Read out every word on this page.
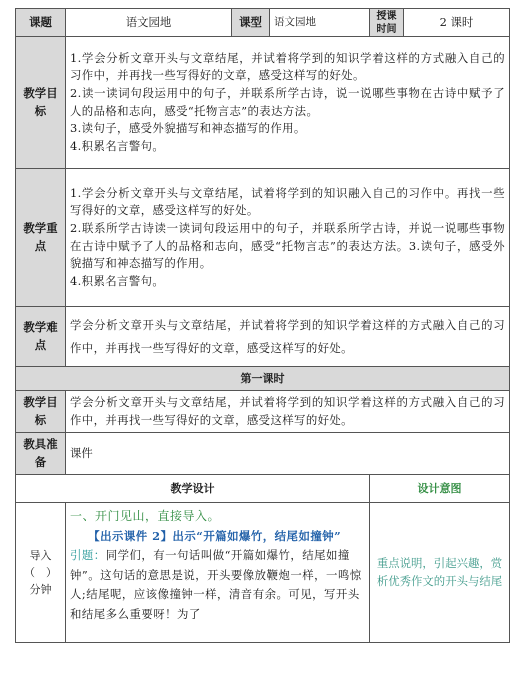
课题	语文园地	课型	语文园地	授课时间	2 课时
教学目标	1.学会分析文章开头与文章结尾，并试着将学到的知识学着这样的方式融入自己的习作中，并再找一些写得好的文章，感受这样写的好处。
2.读一读词句段运用中的句子，并联系所学古诗，说一说哪些事物在古诗中赋予了人的品格和志向，感受“托物言志”的表达方法。
3.读句子，感受外貌描写和神态描写的作用。
4.积累名言警句。				

教学重点	1.学会分析文章开头与文章结尾，试着将学到的知识融入自己的习作中。再找一些写得好的文章，感受这样写的好处。
2.联系所学古诗读一读词句段运用中的句子，并联系所学古诗，并说一说哪些事物在古诗中赋予了人的品格和志向，感受“托物言志”的表达方法。3.读句子，感受外貌描写和神态描写的作用。
4.积累名言警句。				

教学难点	学会分析文章开头与文章结尾，并试着将学到的知识学着这样的方式融入自己的习作中，并再找一些写得好的文章，感受这样写的好处。				
第一课时					
教学目标	学会分析文章开头与文章结尾，并试着将学到的知识学着这样的方式融入自己的习作中，并再找一些写得好的文章，感受这样写的好处。				
教具准备	课件				
教学设计				设计意图	

导入
（　）
分钟	一、开门见山，直接导入。
【出示课件 2】出示“开篇如爆竹，结尾如撞钟”
引题：同学们，有一句话叫做“开篇如爆竹，结尾如撞钟”。这句话的意思是说，开头要像放鞭炮一样，一鸣惊人;结尾呢，应该像撞钟一样，清音有余。可见，写开头和结尾多么重要呀！为了			重点说明，引起兴趣，赏析优秀作文的开头与结尾	
